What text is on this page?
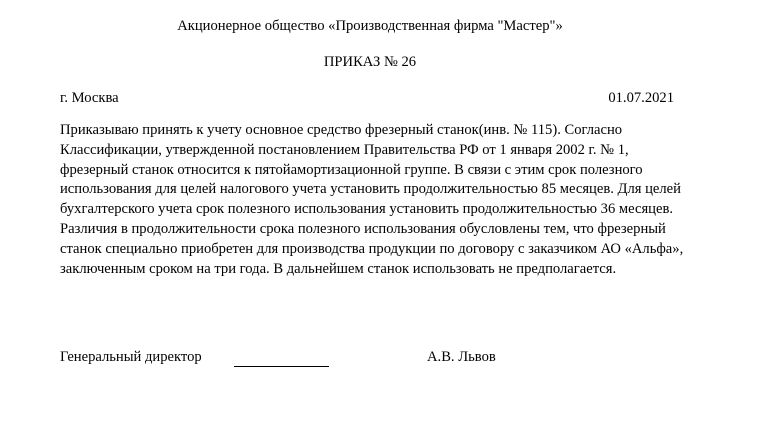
Акционерное общество «Производственная фирма "Мастер"»
ПРИКАЗ № 26
г. Москва	01.07.2021

Приказываю принять к учету основное средство фрезерный станок(инв. № 115). Согласно Классификации, утвержденной постановлением Правительства РФ от 1 января 2002 г. № 1, фрезерный станок относится к пятойамортизационной группе. В связи с этим срок полезного использования для целей налогового учета установить продолжительностью 85 месяцев. Для целей бухгалтерского учета срок полезного использования установить продолжительностью 36 месяцев. Различия в продолжительности срока полезного использования обусловлены тем, что фрезерный станок специально приобретен для производства продукции по договору с заказчиком АО «Альфа», заключенным сроком на три года. В дальнейшем станок использовать не предполагается.

Генеральный директор	А.В. Львов
